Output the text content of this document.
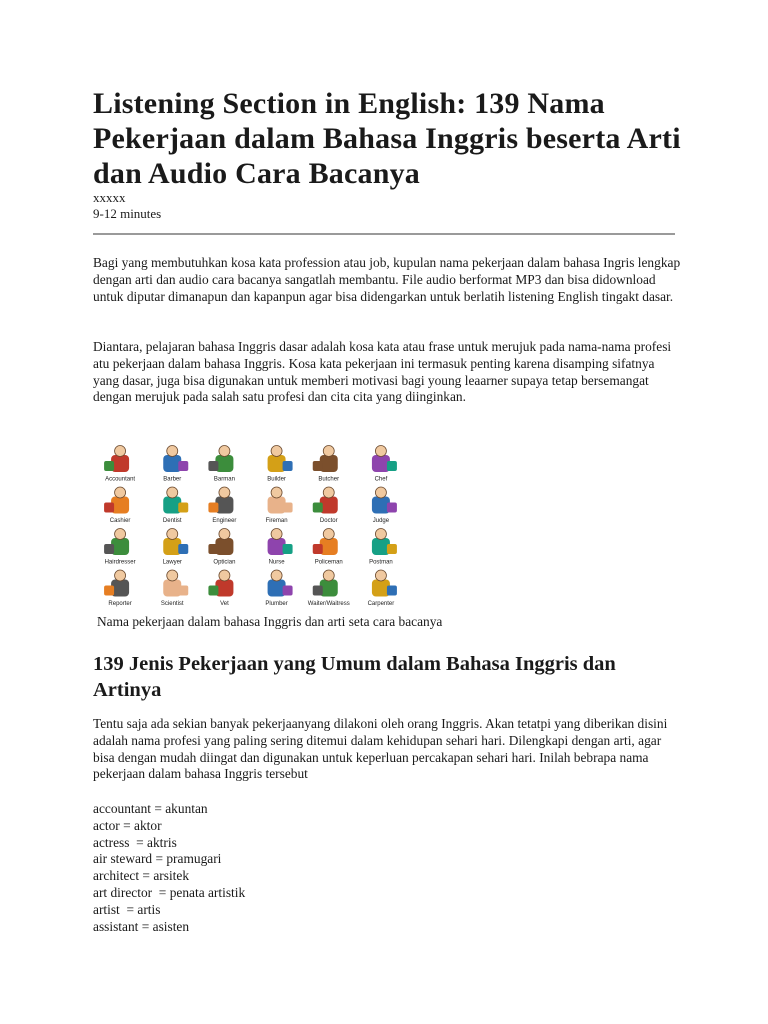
Listening Section in English: 139 Nama Pekerjaan dalam Bahasa Inggris beserta Arti dan Audio Cara Bacanya
xxxxx
9-12 minutes

Bagi yang membutuhkan kosa kata profession atau job, kupulan nama pekerjaan dalam bahasa Ingris lengkap dengan arti dan audio cara bacanya sangatlah membantu. File audio berformat MP3 dan bisa didownload untuk diputar dimanapun dan kapanpun agar bisa didengarkan untuk berlatih listening English tingakt dasar.

Diantara, pelajaran bahasa Inggris dasar adalah kosa kata atau frase untuk merujuk pada nama-nama profesi atu pekerjaan dalam bahasa Inggris. Kosa kata pekerjaan ini termasuk penting karena disamping sifatnya yang dasar, juga bisa digunakan untuk memberi motivasi bagi young leaarner supaya tetap bersemangat dengan merujuk pada salah satu profesi dan cita cita yang diinginkan.

Accountant	Barber	Barman	Builder	Butcher	Chef
Cashier	Dentist	Engineer	Fireman	Doctor	Judge
Hairdresser	Lawyer	Optician	Nurse	Policeman	Postman
Reporter	Scientist	Vet	Plumber	Waiter/Waitress	Carpenter
Nama pekerjaan dalam bahasa Inggris dan arti seta cara bacanya
139 Jenis Pekerjaan yang Umum dalam Bahasa Inggris dan Artinya

Tentu saja ada sekian banyak pekerjaanyang dilakoni oleh orang Inggris. Akan tetatpi yang diberikan disini adalah nama profesi yang paling sering ditemui dalam kehidupan sehari hari. Dilengkapi dengan arti, agar bisa dengan mudah diingat dan digunakan untuk keperluan percakapan sehari hari. Inilah bebrapa nama pekerjaan dalam bahasa Inggris tersebut

accountant = akuntan
actor = aktor
actress  = aktris
air steward = pramugari
architect = arsitek
art director  = penata artistik
artist  = artis
assistant = asisten
